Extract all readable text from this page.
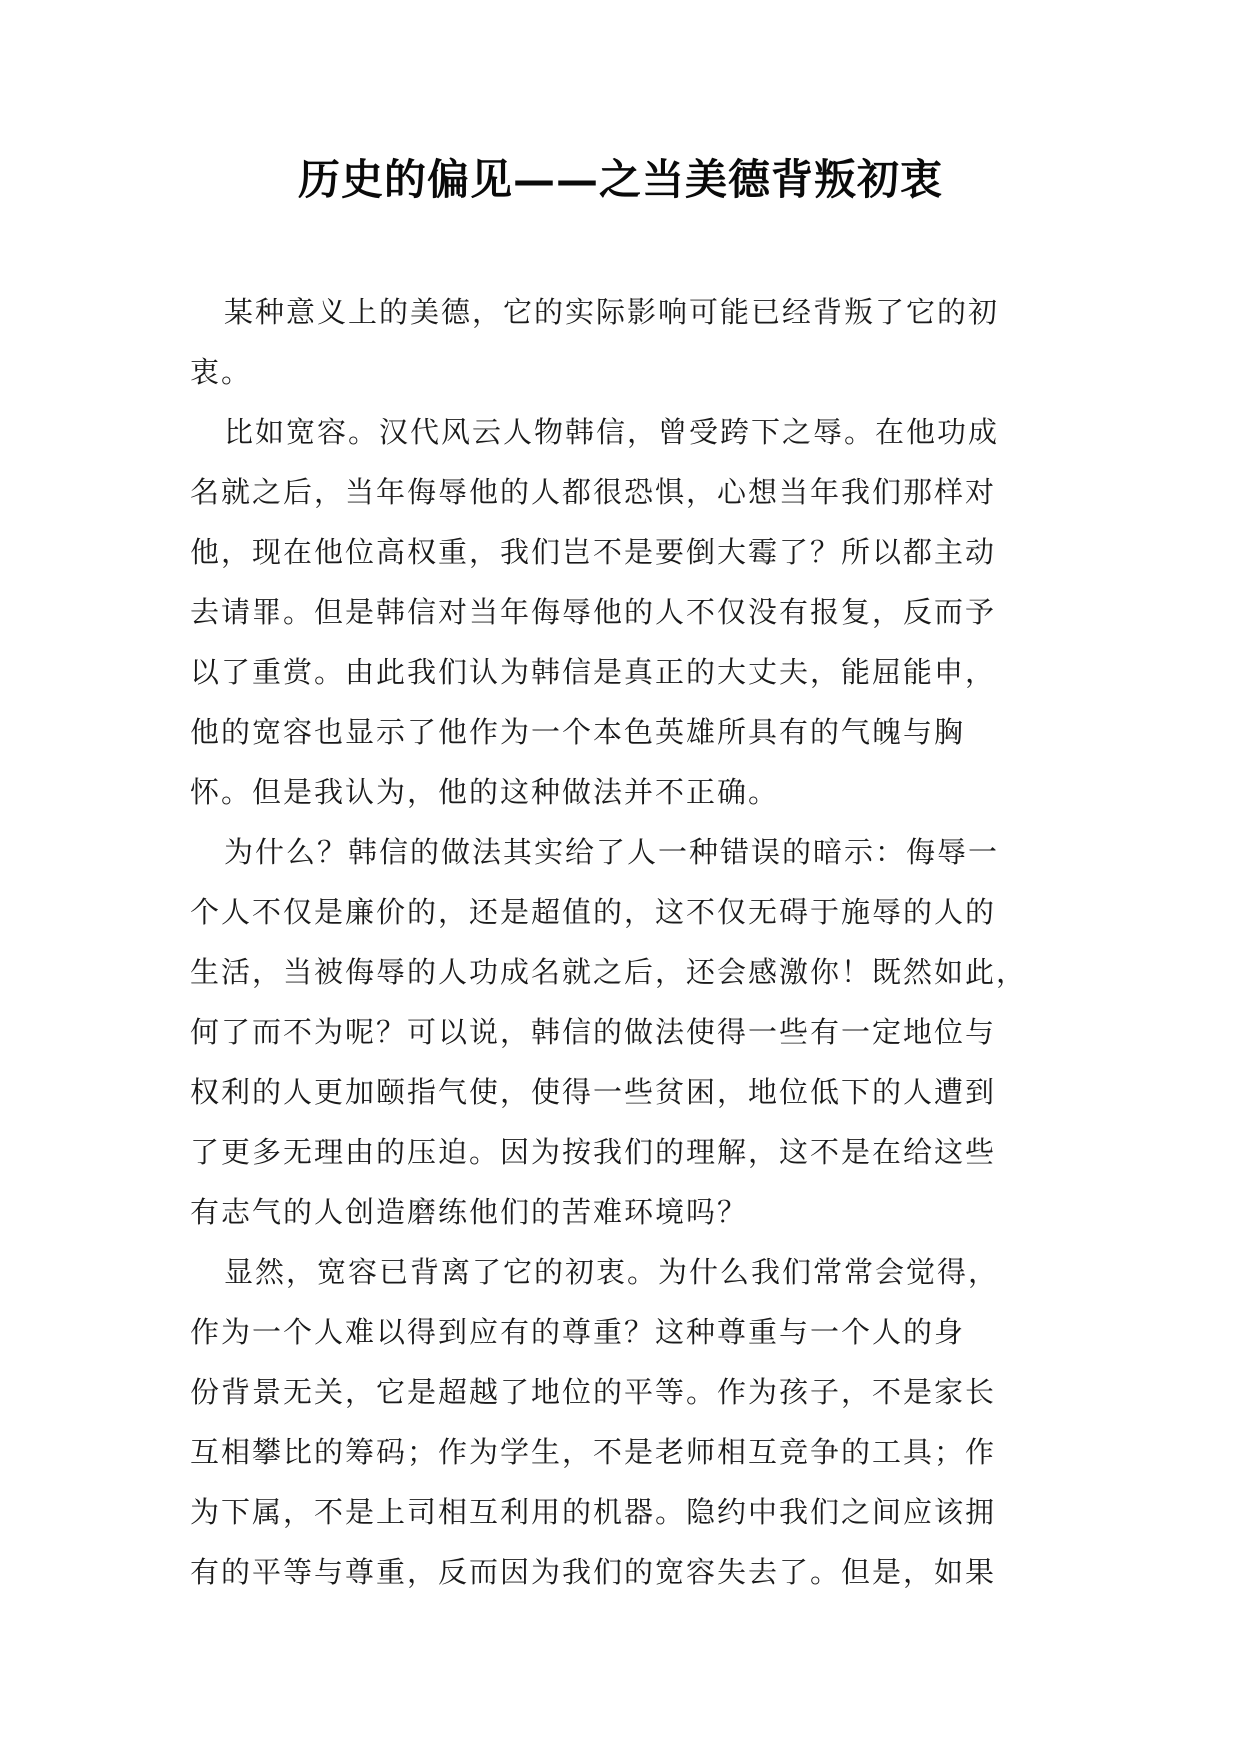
历史的偏见——之当美德背叛初衷
某种意义上的美德，它的实际影响可能已经背叛了它的初
衷。
比如宽容。汉代风云人物韩信，曾受跨下之辱。在他功成
名就之后，当年侮辱他的人都很恐惧，心想当年我们那样对
他，现在他位高权重，我们岂不是要倒大霉了？所以都主动
去请罪。但是韩信对当年侮辱他的人不仅没有报复，反而予
以了重赏。由此我们认为韩信是真正的大丈夫，能屈能申，
他的宽容也显示了他作为一个本色英雄所具有的气魄与胸
怀。但是我认为，他的这种做法并不正确。
为什么？韩信的做法其实给了人一种错误的暗示：侮辱一
个人不仅是廉价的，还是超值的，这不仅无碍于施辱的人的
生活，当被侮辱的人功成名就之后，还会感激你！既然如此，
何了而不为呢？可以说，韩信的做法使得一些有一定地位与
权利的人更加颐指气使，使得一些贫困，地位低下的人遭到
了更多无理由的压迫。因为按我们的理解，这不是在给这些
有志气的人创造磨练他们的苦难环境吗？
显然，宽容已背离了它的初衷。为什么我们常常会觉得，
作为一个人难以得到应有的尊重？这种尊重与一个人的身
份背景无关，它是超越了地位的平等。作为孩子，不是家长
互相攀比的筹码；作为学生，不是老师相互竞争的工具；作
为下属，不是上司相互利用的机器。隐约中我们之间应该拥
有的平等与尊重，反而因为我们的宽容失去了。但是，如果
